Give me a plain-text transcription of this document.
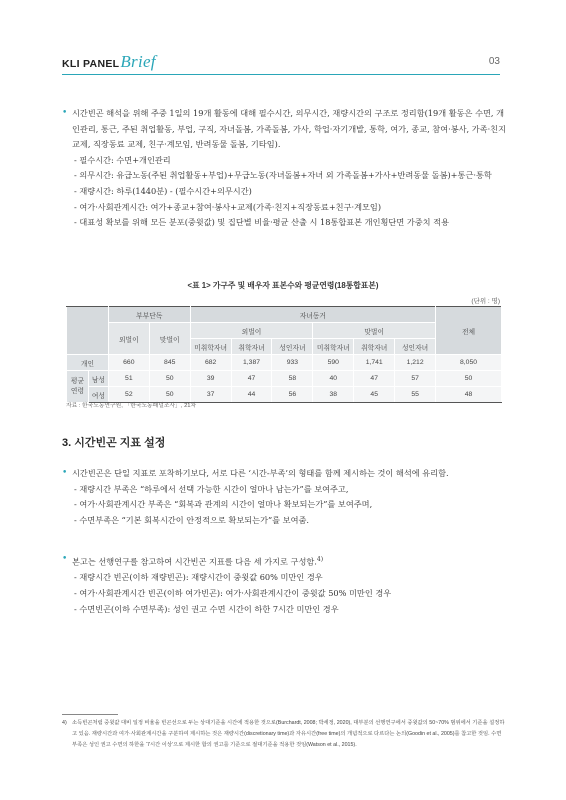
KLI PANELBrief	03
• 시간빈곤 해석을 위해 주중 1일의 19개 활동에 대해 필수시간, 의무시간, 재량시간의 구조로 정리함(19개 활동은 수면, 개인관리, 통근, 주된 취업활동, 부업, 구직, 자녀돌봄, 가족돌봄, 가사, 학업·자기개발, 통학, 여가, 종교, 참여·봉사, 가족·친지 교제, 직장동료 교제, 친구·계모임, 반려동물 돌봄, 기타임).
- 필수시간: 수면+개인관리
- 의무시간: 유급노동(주된 취업활동+부업)+무급노동(자녀돌봄+자녀 외 가족돌봄+가사+반려동물 돌봄)+통근·통학
- 재량시간: 하루(1440분) - (필수시간+의무시간)
- 여가·사회관계시간: 여가+종교+참여·봉사+교제(가족·친지+직장동료+친구·계모임)
- 대표성 확보를 위해 모든 분포(중윗값) 및 집단별 비율·평균 산출 시 18통합표본 개인횡단면 가중치 적용
<표 1> 가구주 및 배우자 표본수와 평균연령(18통합표본)
(단위 : 명)
		부부단독		자녀동거						전체
		외벌이	맞벌이	외벌이			맞벌이			
				미취학자녀	취학자녀	성인자녀	미취학자녀	취학자녀	성인자녀	
개인		660	845	682	1,387	933	590	1,741	1,212	8,050
평균 연령	남성	51	50	39	47	58	40	47	57	50
	여성	52	50	37	44	56	38	45	55	48
자료 : 한국노동연구원, 「한국노동패널조사」, 21차
3. 시간빈곤 지표 설정
• 시간빈곤은 단일 지표로 포착하기보다, 서로 다른 ‘시간-부족’의 형태를 함께 제시하는 것이 해석에 유리함.
- 재량시간 부족은 “하루에서 선택 가능한 시간이 얼마나 남는가”를 보여주고,
- 여가·사회관계시간 부족은 “회복과 관계의 시간이 얼마나 확보되는가”를 보여주며,
- 수면부족은 “기본 회복시간이 안정적으로 확보되는가”를 보여줌.
• 본고는 선행연구를 참고하여 시간빈곤 지표를 다음 세 가지로 구성함.$^{4)}$
- 재량시간 빈곤(이하 재량빈곤): 재량시간이 중윗값 60% 미만인 경우
- 여가·사회관계시간 빈곤(이하 여가빈곤): 여가·사회관계시간이 중윗값 50% 미만인 경우
- 수면빈곤(이하 수면부족): 성인 권고 수면 시간이 하한 7시간 미만인 경우
4) 소득빈곤처럼 중윗값 대비 일정 비율을 빈곤선으로 두는 상대기준을 시간에 적용한 것으로(Burchardt, 2008; 박세정, 2020), 대부분의 선행연구에서 중윗값의 50~70% 범위에서 기준을 설정하고 있음. 재량시간과 여가·사회관계시간을 구분하여 제시하는 것은 재량시간(discretionary time)과 자유시간(free time)의 개념적으로 다르다는 논의(Goodin et al., 2005)를 참고한 것임. 수면부족은 성인 권고 수면의 하한을 ‘7시간 이상’으로 제시한 합의 권고를 기준으로 절대기준을 적용한 것임(Watson et al., 2015).
